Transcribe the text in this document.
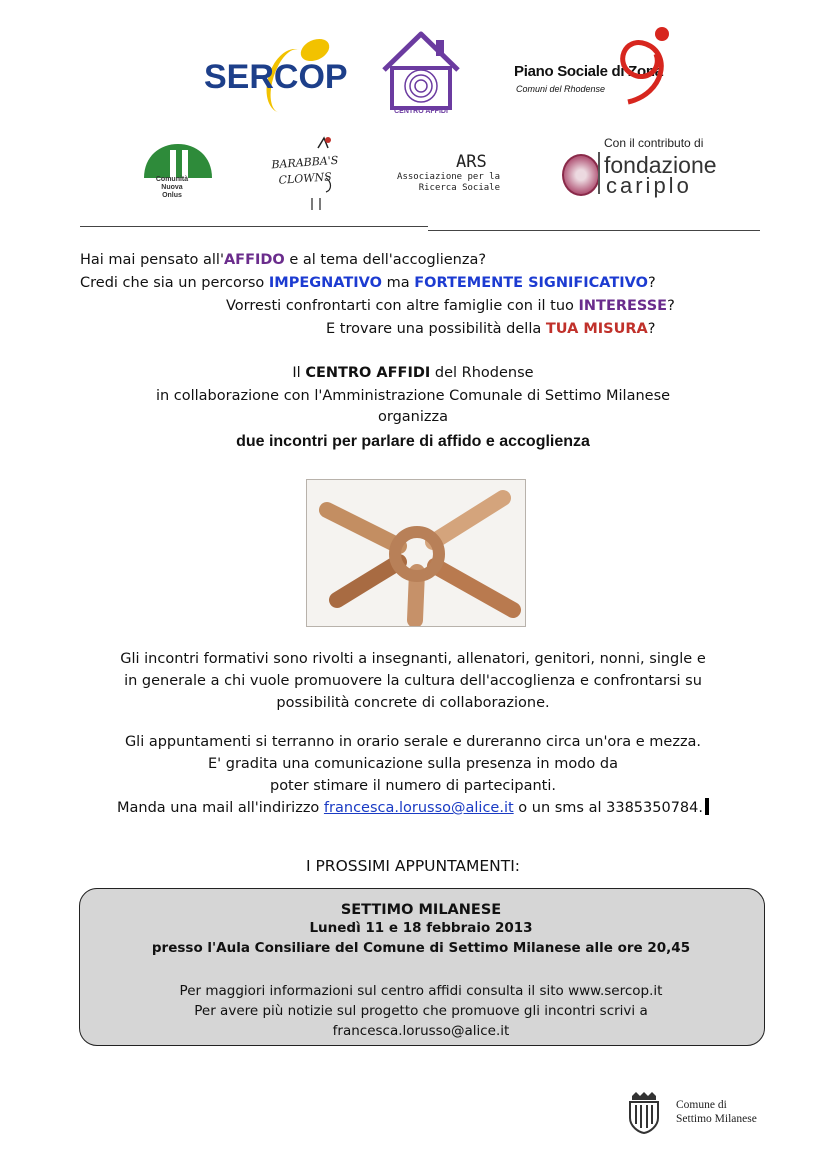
SERCOP
CENTRO AFFIDI
Piano Sociale di Zona
Comuni del Rhodense
Con il contributo di
fondazione
cariplo
Comunità
Nuova
Onlus
BARABBA'S
CLOWNS
ARS
Associazione per la
Ricerca Sociale
Hai mai pensato all'AFFIDO e al tema dell'accoglienza?
Credi che sia un percorso IMPEGNATIVO ma FORTEMENTE SIGNIFICATIVO?
Vorresti confrontarti con altre famiglie con il tuo INTERESSE?
E trovare una possibilità della TUA MISURA?
Il CENTRO AFFIDI del Rhodense
in collaborazione con l'Amministrazione Comunale di Settimo Milanese
organizza
due incontri per parlare di affido e accoglienza
Gli incontri formativi sono rivolti a insegnanti, allenatori, genitori, nonni, single e
in generale a chi vuole promuovere la cultura dell'accoglienza e confrontarsi su
possibilità concrete di collaborazione.
Gli appuntamenti si terranno in orario serale e dureranno circa un'ora e mezza.
E' gradita una comunicazione sulla presenza in modo da
poter stimare il numero di partecipanti.
Manda una mail all'indirizzo francesca.lorusso@alice.it o un sms al 3385350784.
I PROSSIMI APPUNTAMENTI:
SETTIMO MILANESE
Lunedì 11 e 18 febbraio 2013
presso l'Aula Consiliare del Comune di Settimo Milanese alle ore 20,45
Per maggiori informazioni sul centro affidi consulta il sito www.sercop.it
Per avere più notizie sul progetto che promuove gli incontri scrivi a
francesca.lorusso@alice.it
Comune di
Settimo Milanese
